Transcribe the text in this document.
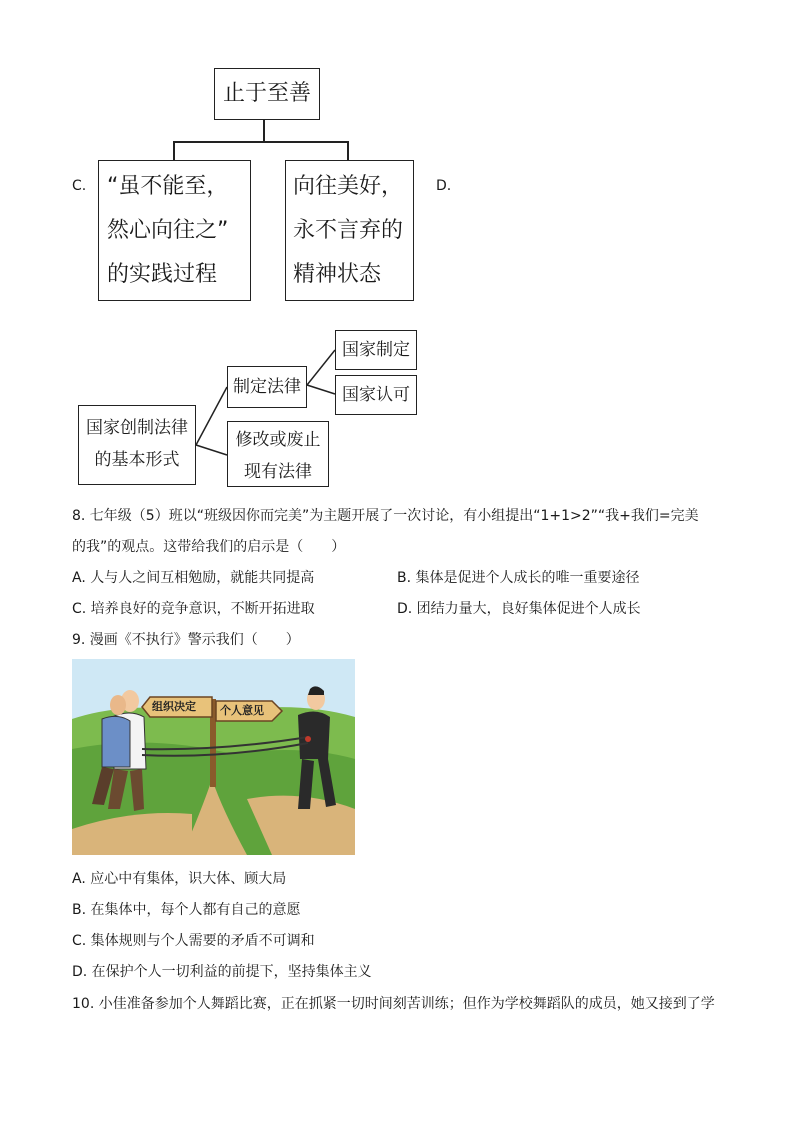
止于至善
C. “虽不能至，
然心向往之”
的实践过程
向往美好，
永不言弃的
精神状态
D.
国家创制法律
的基本形式
制定法律
修改或废止
现有法律
国家制定
国家认可
8. 七年级（5）班以“班级因你而完美”为主题开展了一次讨论，有小组提出“1+1>2”“我+我们=完美
的我”的观点。这带给我们的启示是（　　）
A. 人与人之间互相勉励，就能共同提高	B. 集体是促进个人成长的唯一重要途径
C. 培养良好的竞争意识，不断开拓进取	D. 团结力量大，良好集体促进个人成长
9. 漫画《不执行》警示我们（　　）
组织决定 个人意见
A. 应心中有集体，识大体、顾大局
B. 在集体中，每个人都有自己的意愿
C. 集体规则与个人需要的矛盾不可调和
D. 在保护个人一切利益的前提下，坚持集体主义
10. 小佳准备参加个人舞蹈比赛，正在抓紧一切时间刻苦训练；但作为学校舞蹈队的成员，她又接到了学
